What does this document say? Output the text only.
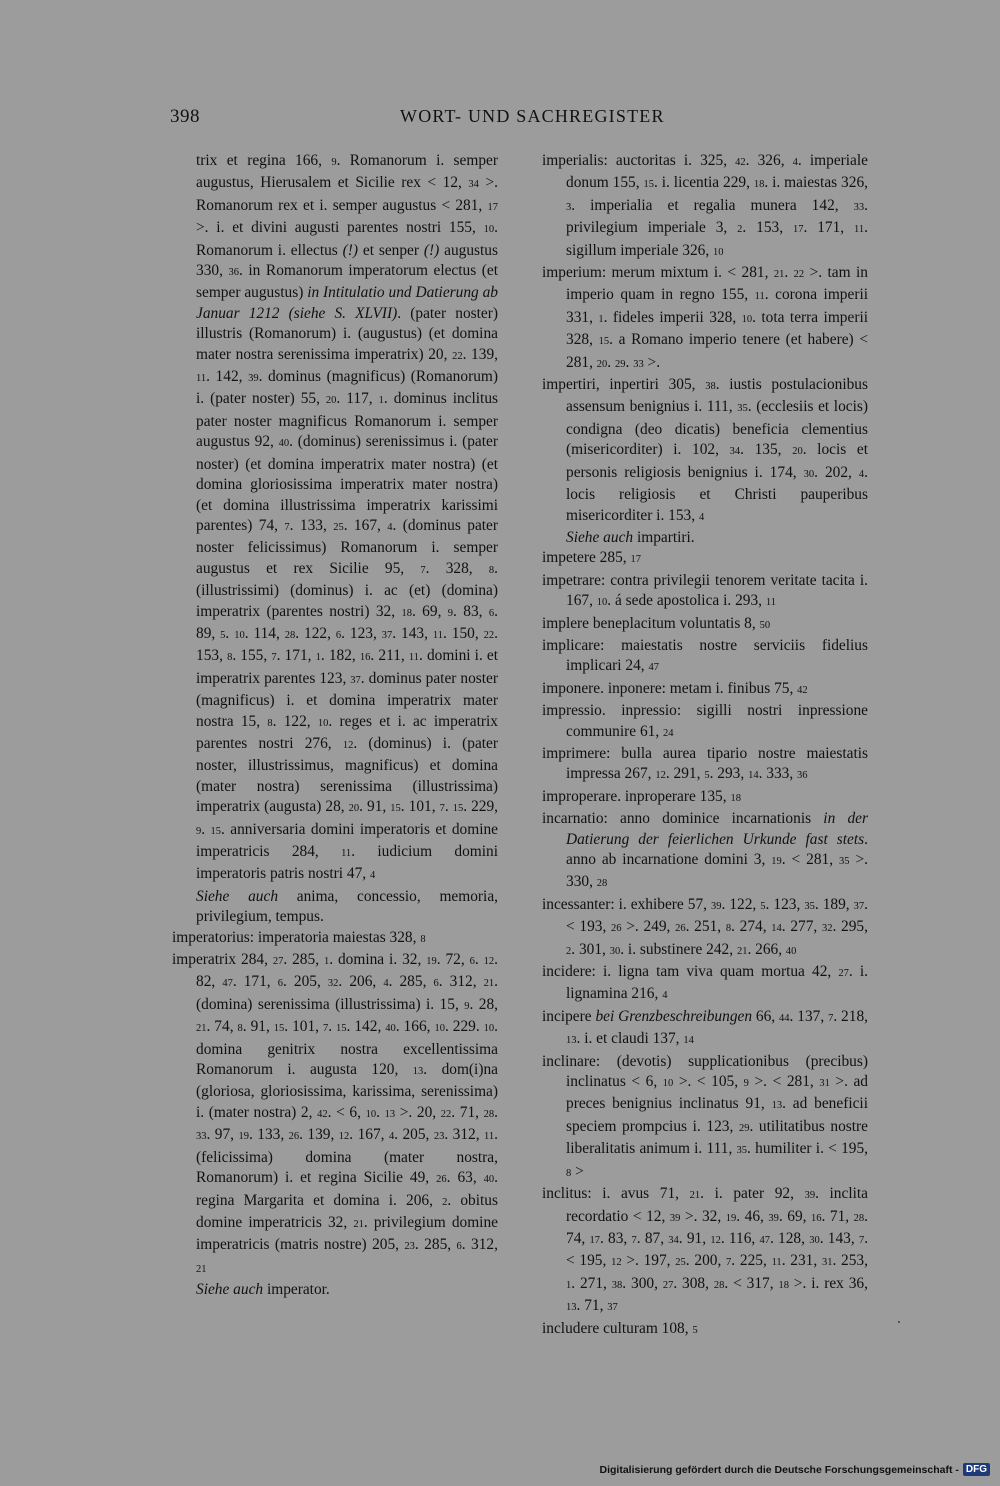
398	WORT- UND SACHREGISTER

trix et regina 166, 9. Romanorum i. semper augustus, Hierusalem et Sicilie rex < 12, 34 >. Romanorum rex et i. semper augustus < 281, 17 >. i. et divini augusti parentes nostri 155, 10. Romanorum i. ellectus (!) et senper (!) augustus 330, 36. in Romanorum imperatorum electus (et semper augustus) in Intitulatio und Datierung ab Januar 1212 (siehe S. XLVII). (pater noster) illustris (Romanorum) i. (augustus) (et domina mater nostra serenissima imperatrix) 20, 22. 139, 11. 142, 39. dominus (magnificus) (Romanorum) i. (pater noster) 55, 20. 117, 1. dominus inclitus pater noster magnificus Romanorum i. semper augustus 92, 40. (dominus) serenissimus i. (pater noster) (et domina imperatrix mater nostra) (et domina gloriosissima imperatrix mater nostra) (et domina illustrissima imperatrix karissimi parentes) 74, 7. 133, 25. 167, 4. (dominus pater noster felicissimus) Romanorum i. semper augustus et rex Sicilie 95, 7. 328, 8. (illustrissimi) (dominus) i. ac (et) (domina) imperatrix (parentes nostri) 32, 18. 69, 9. 83, 6. 89, 5. 10. 114, 28. 122, 6. 123, 37. 143, 11. 150, 22. 153, 8. 155, 7. 171, 1. 182, 16. 211, 11. domini i. et imperatrix parentes 123, 37. dominus pater noster (magnificus) i. et domina imperatrix mater nostra 15, 8. 122, 10. reges et i. ac imperatrix parentes nostri 276, 12. (dominus) i. (pater noster, illustrissimus, magnificus) et domina (mater nostra) serenissima (illustrissima) imperatrix (augusta) 28, 20. 91, 15. 101, 7. 15. 229, 9. 15. anniversaria domini imperatoris et domine imperatricis 284, 11. iudicium domini imperatoris patris nostri 47, 4

Siehe auch anima, concessio, memoria, privilegium, tempus.

imperatorius: imperatoria maiestas 328, 8

imperatrix 284, 27. 285, 1. domina i. 32, 19. 72, 6. 12. 82, 47. 171, 6. 205, 32. 206, 4. 285, 6. 312, 21. (domina) serenissima (illustrissima) i. 15, 9. 28, 21. 74, 8. 91, 15. 101, 7. 15. 142, 40. 166, 10. 229. 10. domina genitrix nostra excellentissima Romanorum i. augusta 120, 13. dom(i)na (gloriosa, gloriosissima, karissima, serenissima) i. (mater nostra) 2, 42. < 6, 10. 13 >. 20, 22. 71, 28. 33. 97, 19. 133, 26. 139, 12. 167, 4. 205, 23. 312, 11. (felicissima) domina (mater nostra, Romanorum) i. et regina Sicilie 49, 26. 63, 40. regina Margarita et domina i. 206, 2. obitus domine imperatricis 32, 21. privilegium domine imperatricis (matris nostre) 205, 23. 285, 6. 312, 21

Siehe auch imperator.

imperialis: auctoritas i. 325, 42. 326, 4. imperiale donum 155, 15. i. licentia 229, 18. i. maiestas 326, 3. imperialia et regalia munera 142, 33. privilegium imperiale 3, 2. 153, 17. 171, 11. sigillum imperiale 326, 10

imperium: merum mixtum i. < 281, 21. 22 >. tam in imperio quam in regno 155, 11. corona imperii 331, 1. fideles imperii 328, 10. tota terra imperii 328, 15. a Romano imperio tenere (et habere) < 281, 20. 29. 33 >.

impertiri, inpertiri 305, 38. iustis postulacionibus assensum benignius i. 111, 35. (ecclesiis et locis) condigna (deo dicatis) beneficia clementius (misericorditer) i. 102, 34. 135, 20. locis et personis religiosis benignius i. 174, 30. 202, 4. locis religiosis et Christi pauperibus misericorditer i. 153, 4

Siehe auch impartiri.

impetere 285, 17

impetrare: contra privilegii tenorem veritate tacita i. 167, 10. á sede apostolica i. 293, 11

implere beneplacitum voluntatis 8, 50

implicare: maiestatis nostre serviciis fidelius implicari 24, 47

imponere. inponere: metam i. finibus 75, 42

impressio. inpressio: sigilli nostri inpressione communire 61, 24

imprimere: bulla aurea tipario nostre maiestatis impressa 267, 12. 291, 5. 293, 14. 333, 36

improperare. inproperare 135, 18

incarnatio: anno dominice incarnationis in der Datierung der feierlichen Urkunde fast stets. anno ab incarnatione domini 3, 19. < 281, 35 >. 330, 28

incessanter: i. exhibere 57, 39. 122, 5. 123, 35. 189, 37. < 193, 26 >. 249, 26. 251, 8. 274, 14. 277, 32. 295, 2. 301, 30. i. substinere 242, 21. 266, 40

incidere: i. ligna tam viva quam mortua 42, 27. i. lignamina 216, 4

incipere bei Grenzbeschreibungen 66, 44. 137, 7. 218, 13. i. et claudi 137, 14

inclinare: (devotis) supplicationibus (precibus) inclinatus < 6, 10 >. < 105, 9 >. < 281, 31 >. ad preces benignius inclinatus 91, 13. ad beneficii speciem prompcius i. 123, 29. utilitatibus nostre liberalitatis animum i. 111, 35. humiliter i. < 195, 8 >

inclitus: i. avus 71, 21. i. pater 92, 39. inclita recordatio < 12, 39 >. 32, 19. 46, 39. 69, 16. 71, 28. 74, 17. 83, 7. 87, 34. 91, 12. 116, 47. 128, 30. 143, 7. < 195, 12 >. 197, 25. 200, 7. 225, 11. 231, 31. 253, 1. 271, 38. 300, 27. 308, 28. < 317, 18 >. i. rex 36, 13. 71, 37

includere culturam 108, 5

Digitalisierung gefördert durch die Deutsche Forschungsgemeinschaft - DFG
